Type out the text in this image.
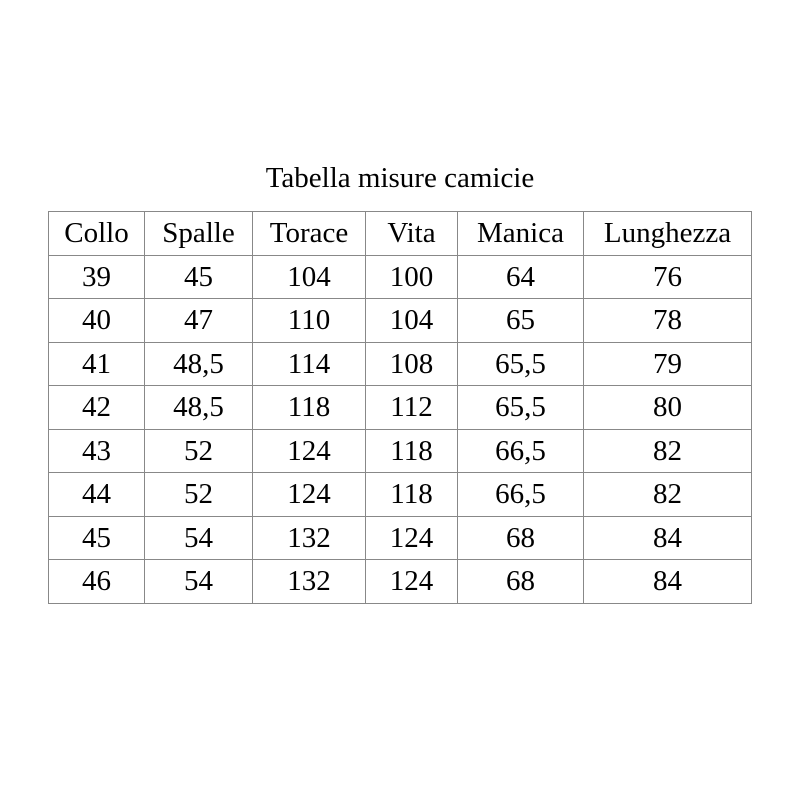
Tabella misure camicie
Collo	Spalle	Torace	Vita	Manica	Lunghezza
39	45	104	100	64	76
40	47	110	104	65	78
41	48,5	114	108	65,5	79
42	48,5	118	112	65,5	80
43	52	124	118	66,5	82
44	52	124	118	66,5	82
45	54	132	124	68	84
46	54	132	124	68	84
